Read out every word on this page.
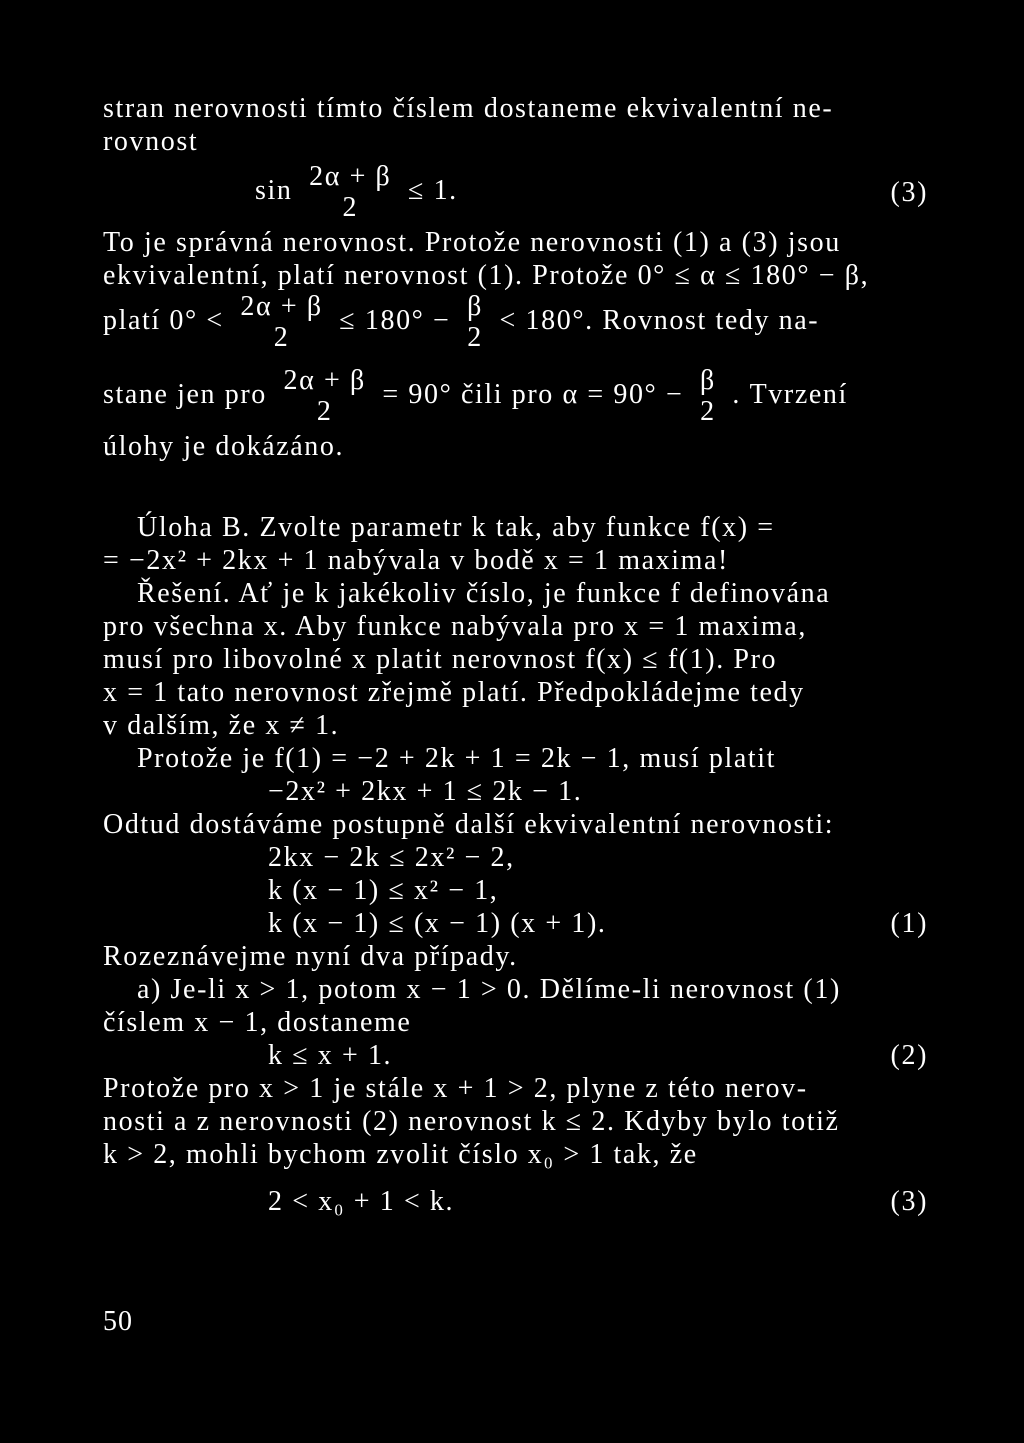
stran nerovnosti tímto číslem dostaneme ekvivalentní ne-
rovnost
sin 2α + β
2
≤ 1.	(3)
To je správná nerovnost. Protože nerovnosti (1) a (3) jsou
ekvivalentní, platí nerovnost (1). Protože 0° ≤ α ≤ 180° − β,
platí 0° < 2α + β
2
≤ 180° − β
2
< 180°. Rovnost tedy na-
stane jen pro 2α + β
2
= 90° čili pro α = 90° − β
2
. Tvrzení
úlohy je dokázáno.
Úloha B. Zvolte parametr k tak, aby funkce f(x) =
= −2x² + 2kx + 1 nabývala v bodě x = 1 maxima!
Řešení. Ať je k jakékoliv číslo, je funkce f definována
pro všechna x. Aby funkce nabývala pro x = 1 maxima,
musí pro libovolné x platit nerovnost f(x) ≤ f(1). Pro
x = 1 tato nerovnost zřejmě platí. Předpokládejme tedy
v dalším, že x ≠ 1.
Protože je f(1) = −2 + 2k + 1 = 2k − 1, musí platit
−2x² + 2kx + 1 ≤ 2k − 1.
Odtud dostáváme postupně další ekvivalentní nerovnosti:
2kx − 2k ≤ 2x² − 2,
k (x − 1) ≤ x² − 1,
k (x − 1) ≤ (x − 1) (x + 1).	(1)
Rozeznávejme nyní dva případy.
a) Je-li x > 1, potom x − 1 > 0. Dělíme-li nerovnost (1)
číslem x − 1, dostaneme
k ≤ x + 1.	(2)
Protože pro x > 1 je stále x + 1 > 2, plyne z této nerov-
nosti a z nerovnosti (2) nerovnost k ≤ 2. Kdyby bylo totiž
k > 2, mohli bychom zvolit číslo x₀ > 1 tak, že
2 < x₀ + 1 < k.	(3)
50
